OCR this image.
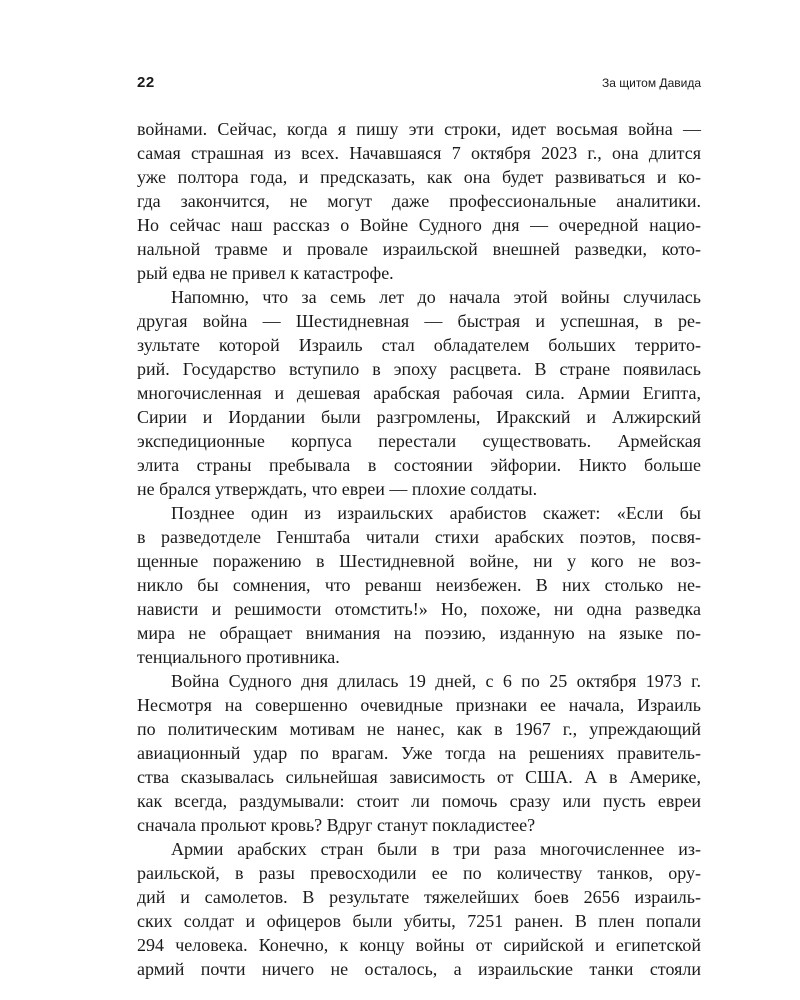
22	За щитом Давида
войнами. Сейчас, когда я пишу эти строки, идет восьмая война —
самая страшная из всех. Начавшаяся 7 октября 2023 г., она длится
уже полтора года, и предсказать, как она будет развиваться и ко-
гда закончится, не могут даже профессиональные аналитики.
Но сейчас наш рассказ о Войне Судного дня — очередной нацио-
нальной травме и провале израильской внешней разведки, кото-
рый едва не привел к катастрофе.
Напомню, что за семь лет до начала этой войны случилась
другая война — Шестидневная — быстрая и успешная, в ре-
зультате которой Израиль стал обладателем больших террито-
рий. Государство вступило в эпоху расцвета. В стране появилась
многочисленная и дешевая арабская рабочая сила. Армии Египта,
Сирии и Иордании были разгромлены, Иракский и Алжирский
экспедиционные корпуса перестали существовать. Армейская
элита страны пребывала в состоянии эйфории. Никто больше
не брался утверждать, что евреи — плохие солдаты.
Позднее один из израильских арабистов скажет: «Если бы
в разведотделе Генштаба читали стихи арабских поэтов, посвя-
щенные поражению в Шестидневной войне, ни у кого не воз-
никло бы сомнения, что реванш неизбежен. В них столько не-
нависти и решимости отомстить!» Но, похоже, ни одна разведка
мира не обращает внимания на поэзию, изданную на языке по-
тенциального противника.
Война Судного дня длилась 19 дней, с 6 по 25 октября 1973 г.
Несмотря на совершенно очевидные признаки ее начала, Израиль
по политическим мотивам не нанес, как в 1967 г., упреждающий
авиационный удар по врагам. Уже тогда на решениях правитель-
ства сказывалась сильнейшая зависимость от США. А в Америке,
как всегда, раздумывали: стоит ли помочь сразу или пусть евреи
сначала прольют кровь? Вдруг станут покладистее?
Армии арабских стран были в три раза многочисленнее из-
раильской, в разы превосходили ее по количеству танков, ору-
дий и самолетов. В результате тяжелейших боев 2656 израиль-
ских солдат и офицеров были убиты, 7251 ранен. В плен попали
294 человека. Конечно, к концу войны от сирийской и египетской
армий почти ничего не осталось, а израильские танки стояли
